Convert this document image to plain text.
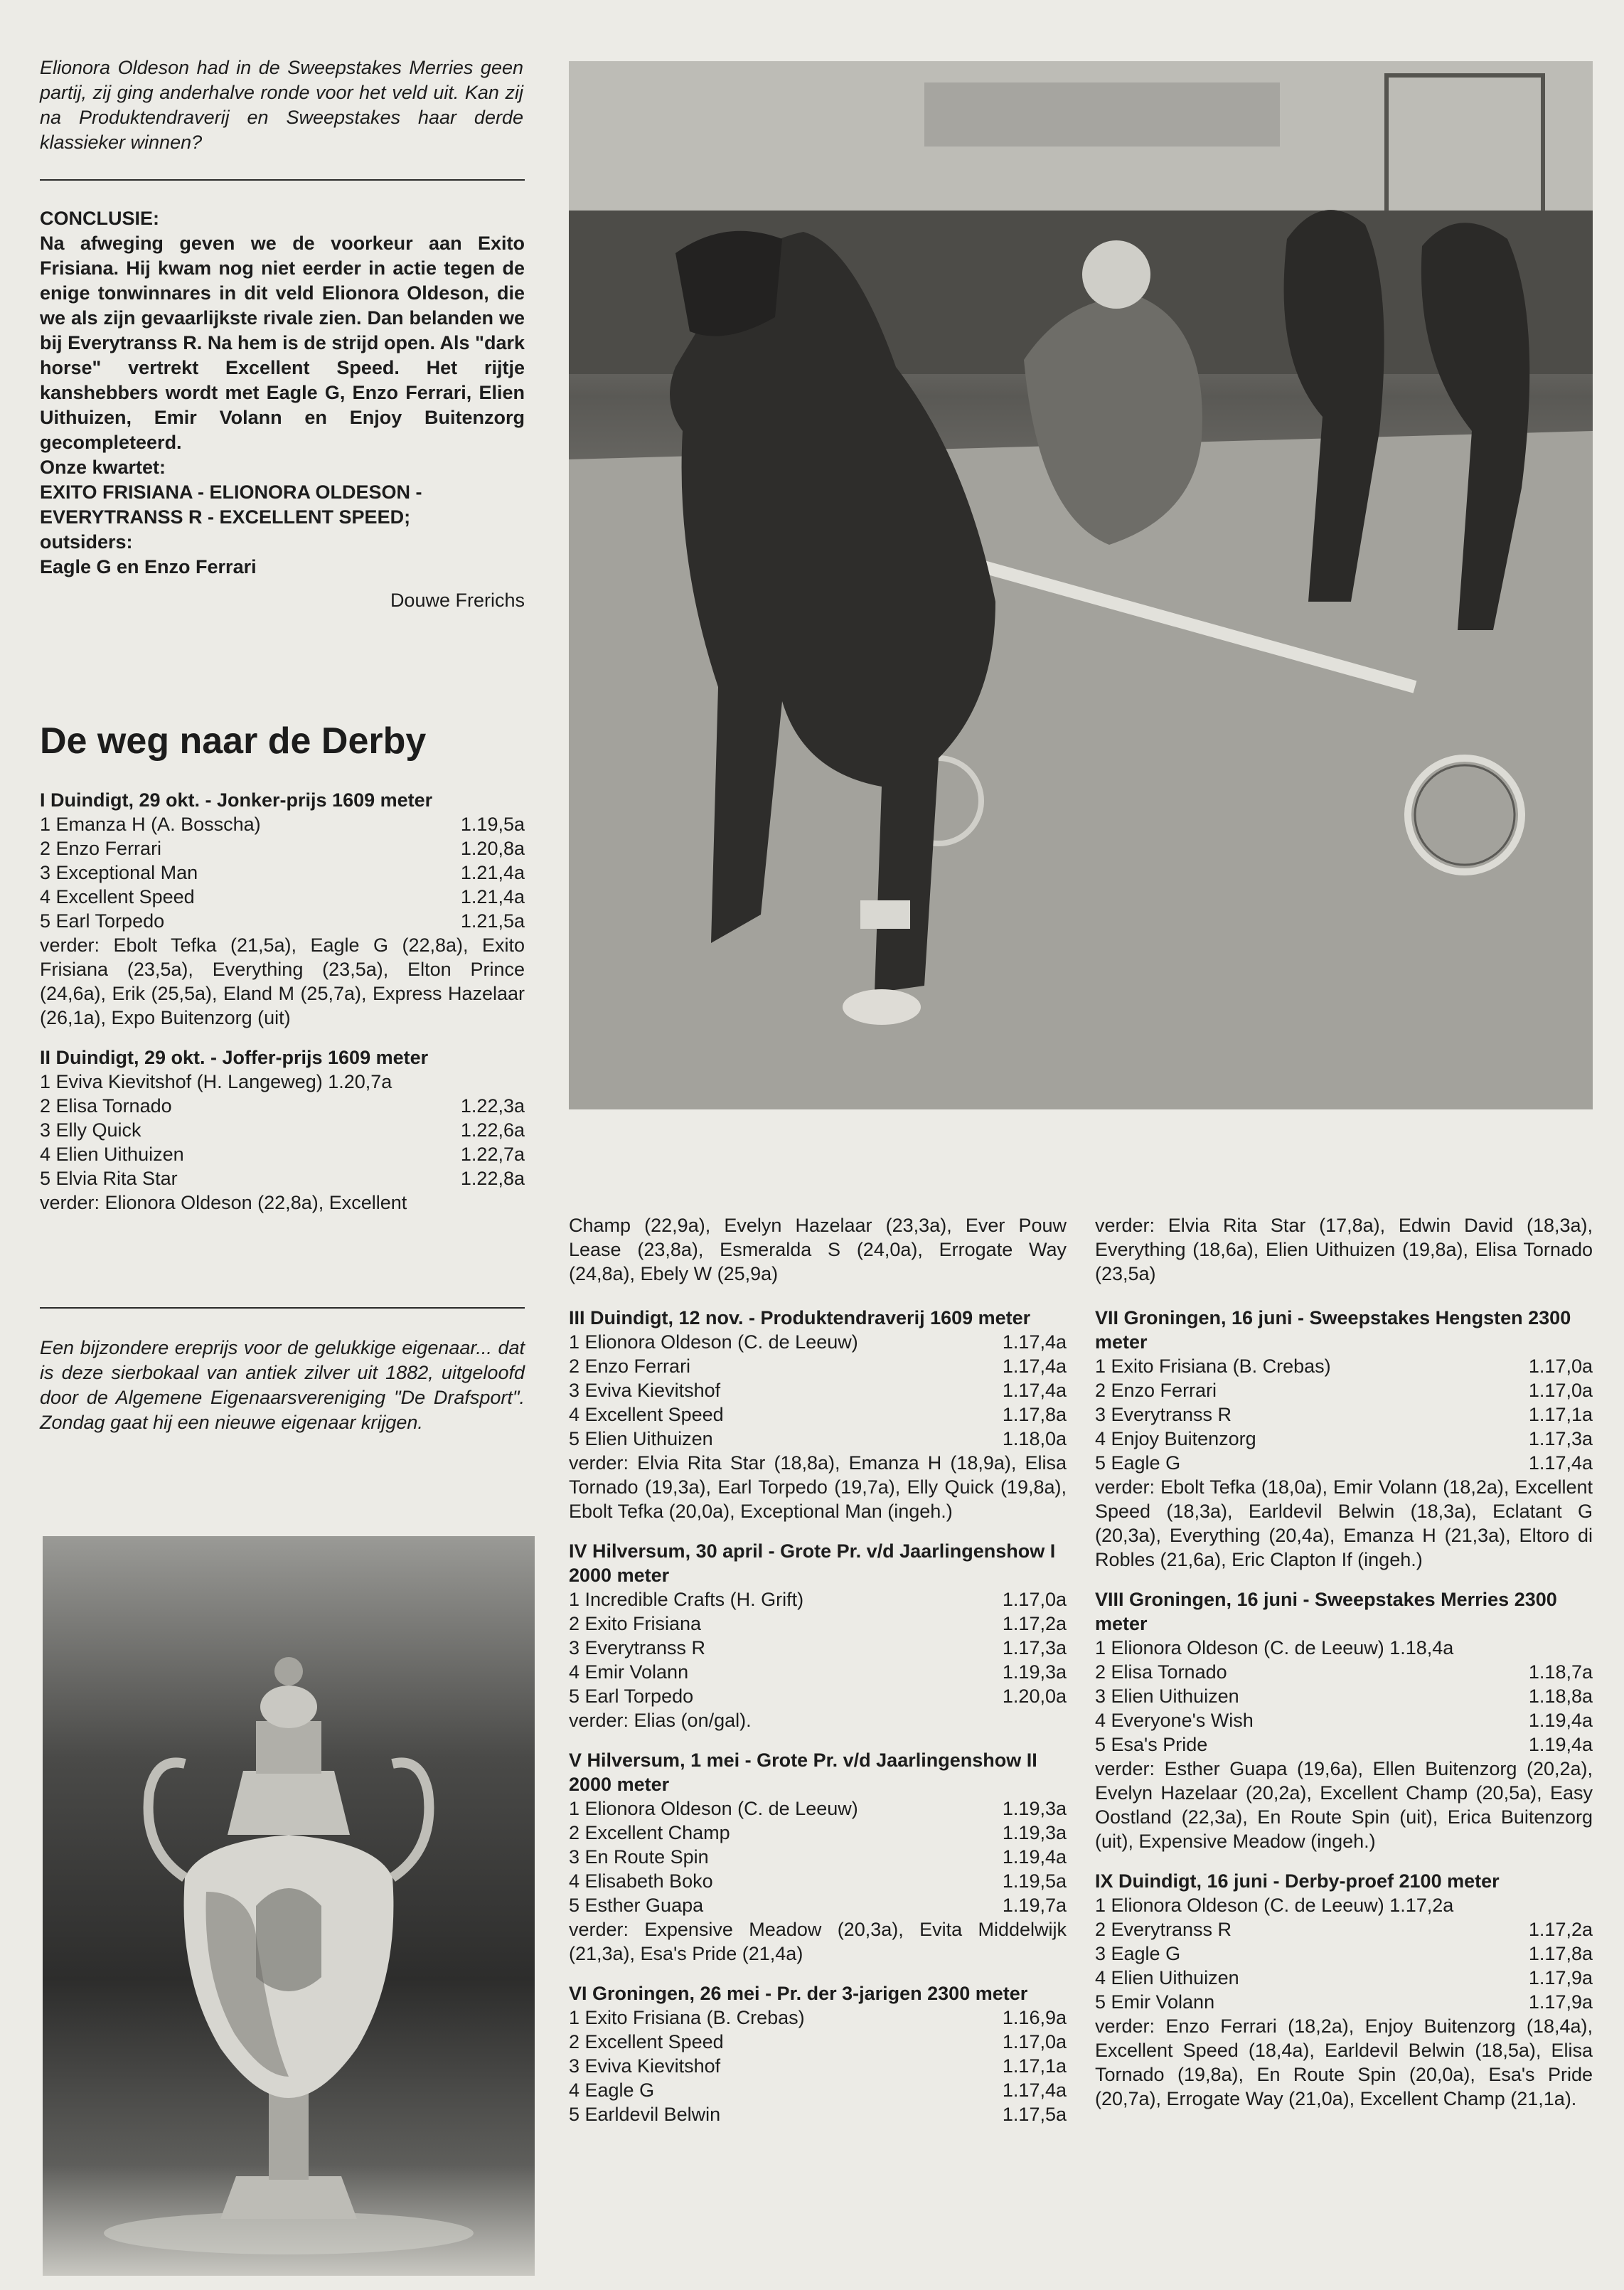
Elionora Oldeson had in de Sweepstakes Merries geen partij, zij ging anderhalve ronde voor het veld uit. Kan zij na Produktendraverij en Sweepstakes haar derde klassieker winnen?
CONCLUSIE:
Na afweging geven we de voorkeur aan Exito Frisiana. Hij kwam nog niet eerder in actie tegen de enige tonwinnares in dit veld Elionora Oldeson, die we als zijn gevaarlijkste rivale zien. Dan belanden we bij Everytranss R. Na hem is de strijd open. Als "dark horse" vertrekt Excellent Speed. Het rijtje kanshebbers wordt met Eagle G, Enzo Ferrari, Elien Uithuizen, Emir Volann en Enjoy Buitenzorg gecompleteerd.
Onze kwartet:
EXITO FRISIANA - ELIONORA OLDESON - EVERYTRANSS R - EXCELLENT SPEED;
outsiders:
Eagle G en Enzo Ferrari
Douwe Frerichs
De weg naar de Derby
I Duindigt, 29 okt. - Jonker-prijs 1609 meter
1 Emanza H (A. Bosscha)	1.19,5a
2 Enzo Ferrari	1.20,8a
3 Exceptional Man	1.21,4a
4 Excellent Speed	1.21,4a
5 Earl Torpedo	1.21,5a
verder: Ebolt Tefka (21,5a), Eagle G (22,8a), Exito Frisiana (23,5a), Everything (23,5a), Elton Prince (24,6a), Erik (25,5a), Eland M (25,7a), Express Hazelaar (26,1a), Expo Buitenzorg (uit)
II Duindigt, 29 okt. - Joffer-prijs 1609 meter
1 Eviva Kievitshof (H. Langeweg) 1.20,7a
2 Elisa Tornado	1.22,3a
3 Elly Quick	1.22,6a
4 Elien Uithuizen	1.22,7a
5 Elvia Rita Star	1.22,8a
verder: Elionora Oldeson (22,8a), Excellent
Een bijzondere ereprijs voor de gelukkige eigenaar... dat is deze sierbokaal van antiek zilver uit 1882, uitgeloofd door de Algemene Eigenaarsvereniging "De Drafsport". Zondag gaat hij een nieuwe eigenaar krijgen.
Champ (22,9a), Evelyn Hazelaar (23,3a), Ever Pouw Lease (23,8a), Esmeralda S (24,0a), Errogate Way (24,8a), Ebely W (25,9a)
III Duindigt, 12 nov. - Produktendraverij 1609 meter
1 Elionora Oldeson (C. de Leeuw)	1.17,4a
2 Enzo Ferrari	1.17,4a
3 Eviva Kievitshof	1.17,4a
4 Excellent Speed	1.17,8a
5 Elien Uithuizen	1.18,0a
verder: Elvia Rita Star (18,8a), Emanza H (18,9a), Elisa Tornado (19,3a), Earl Torpedo (19,7a), Elly Quick (19,8a), Ebolt Tefka (20,0a), Exceptional Man (ingeh.)
IV Hilversum, 30 april - Grote Pr. v/d Jaarlingenshow I 2000 meter
1 Incredible Crafts (H. Grift)	1.17,0a
2 Exito Frisiana	1.17,2a
3 Everytranss R	1.17,3a
4 Emir Volann	1.19,3a
5 Earl Torpedo	1.20,0a
verder: Elias (on/gal).
V Hilversum, 1 mei - Grote Pr. v/d Jaarlingenshow II 2000 meter
1 Elionora Oldeson (C. de Leeuw)	1.19,3a
2 Excellent Champ	1.19,3a
3 En Route Spin	1.19,4a
4 Elisabeth Boko	1.19,5a
5 Esther Guapa	1.19,7a
verder: Expensive Meadow (20,3a), Evita Middelwijk (21,3a), Esa's Pride (21,4a)
VI Groningen, 26 mei - Pr. der 3-jarigen 2300 meter
1 Exito Frisiana (B. Crebas)	1.16,9a
2 Excellent Speed	1.17,0a
3 Eviva Kievitshof	1.17,1a
4 Eagle G	1.17,4a
5 Earldevil Belwin	1.17,5a
verder: Elvia Rita Star (17,8a), Edwin David (18,3a), Everything (18,6a), Elien Uithuizen (19,8a), Elisa Tornado (23,5a)
VII Groningen, 16 juni - Sweepstakes Hengsten 2300 meter
1 Exito Frisiana (B. Crebas)	1.17,0a
2 Enzo Ferrari	1.17,0a
3 Everytranss R	1.17,1a
4 Enjoy Buitenzorg	1.17,3a
5 Eagle G	1.17,4a
verder: Ebolt Tefka (18,0a), Emir Volann (18,2a), Excellent Speed (18,3a), Earldevil Belwin (18,3a), Eclatant G (20,3a), Everything (20,4a), Emanza H (21,3a), Eltoro di Robles (21,6a), Eric Clapton If (ingeh.)
VIII Groningen, 16 juni - Sweepstakes Merries 2300 meter
1 Elionora Oldeson (C. de Leeuw) 1.18,4a
2 Elisa Tornado	1.18,7a
3 Elien Uithuizen	1.18,8a
4 Everyone's Wish	1.19,4a
5 Esa's Pride	1.19,4a
verder: Esther Guapa (19,6a), Ellen Buitenzorg (20,2a), Evelyn Hazelaar (20,2a), Excellent Champ (20,5a), Easy Oostland (22,3a), En Route Spin (uit), Erica Buitenzorg (uit), Expensive Meadow (ingeh.)
IX Duindigt, 16 juni - Derby-proef 2100 meter
1 Elionora Oldeson (C. de Leeuw) 1.17,2a
2 Everytranss R	1.17,2a
3 Eagle G	1.17,8a
4 Elien Uithuizen	1.17,9a
5 Emir Volann	1.17,9a
verder: Enzo Ferrari (18,2a), Enjoy Buitenzorg (18,4a), Excellent Speed (18,4a), Earldevil Belwin (18,5a), Elisa Tornado (19,8a), En Route Spin (20,0a), Esa's Pride (20,7a), Errogate Way (21,0a), Excellent Champ (21,1a).
